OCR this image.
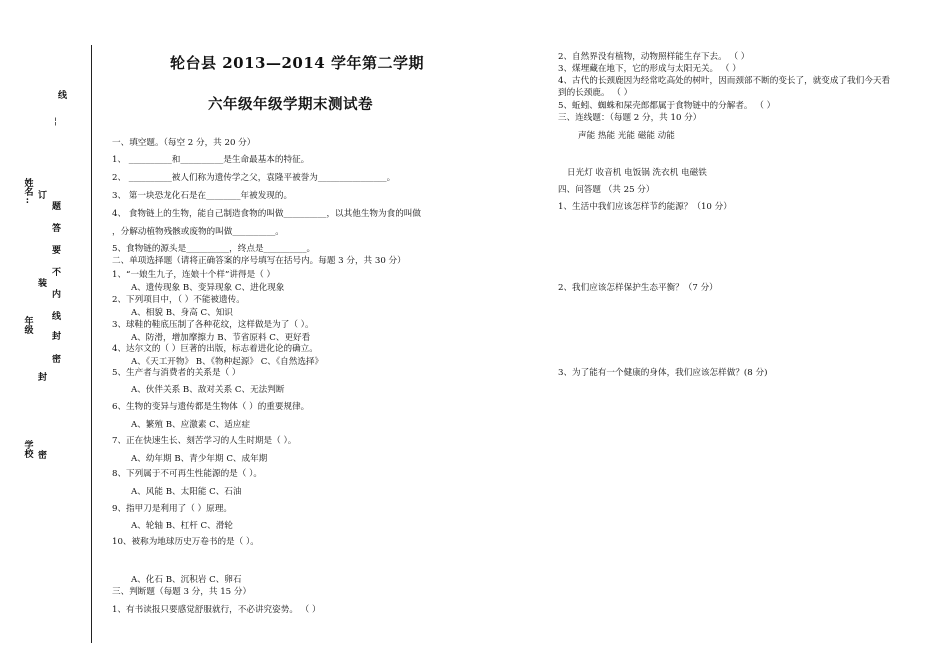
线
¦
姓名: 订
题
答
要
不
内
装
年级 线
封
密
封
学校 密
轮台县 2013—2014 学年第二学期
六年级年级学期末测试卷
一、填空题。（每空 2 分，共 20 分）
1、 __________和__________是生命最基本的特征。
2、 __________被人们称为遗传学之父，袁隆平被誉为________________。
3、 第一块恐龙化石是在________年被发现的。
4、 食物链上的生物，能自己制造食物的叫做__________，以其他生物为食的叫做
，分解动植物残骸或废物的叫做__________。
5、食物链的源头是__________，终点是__________。
二、单项选择题（请将正确答案的序号填写在括号内。每题 3 分，共 30 分）
1、“一娘生九子，连娘十个样”讲得是（ ）
A、遗传现象 B、变异现象 C、进化现象
2、下列项目中，（ ）不能被遗传。
A、相貌 B、身高 C、知识
3、球鞋的鞋底压制了各种花纹，这样做是为了（ ）。
A、防滑，增加摩擦力 B、节省原料 C、更好看
4、达尔文的（ ）巨著的出版，标志着进化论的确立。
A、《天工开物》 B、《物种起源》 C、《自然选择》
5、生产者与消费者的关系是（ ）
A、伙伴关系 B、敌对关系 C、无法判断
6、生物的变异与遗传都是生物体（ ）的重要规律。
A、繁殖 B、应激素 C、适应症
7、正在快速生长、刻苦学习的人生时期是（ ）。
A、幼年期 B、青少年期 C、成年期
8、下列属于不可再生性能源的是（ ）。
A、风能 B、太阳能 C、石油
9、指甲刀是利用了（ ）原理。
A、轮轴 B、杠杆 C、滑轮
10、被称为地球历史万卷书的是（ ）。
A、化石 B、沉积岩 C、卵石
三、判断题（每题 3 分，共 15 分）
1、有书读报只要感觉舒服就行，不必讲究姿势。 （ ）
2、自然界没有植物，动物照样能生存下去。 （ ）
3、煤埋藏在地下，它的形成与太阳无关。 （ ）
4、古代的长颈鹿因为经常吃高处的树叶，因而颈部不断的变长了，就变成了我们今天看
到的长颈鹿。 （ ）
5、蚯蚓、蜘蛛和屎壳郎都属于食物链中的分解者。 （ ）
三、连线题：（每题 2 分，共 10 分）
声能 热能 光能 磁能 动能
日光灯 收音机 电饭锅 洗衣机 电磁铁
四、问答题 （共 25 分）
1、生活中我们应该怎样节约能源？（10 分）
2、我们应该怎样保护生态平衡？（7 分）
3、为了能有一个健康的身体，我们应该怎样做？(8 分)
